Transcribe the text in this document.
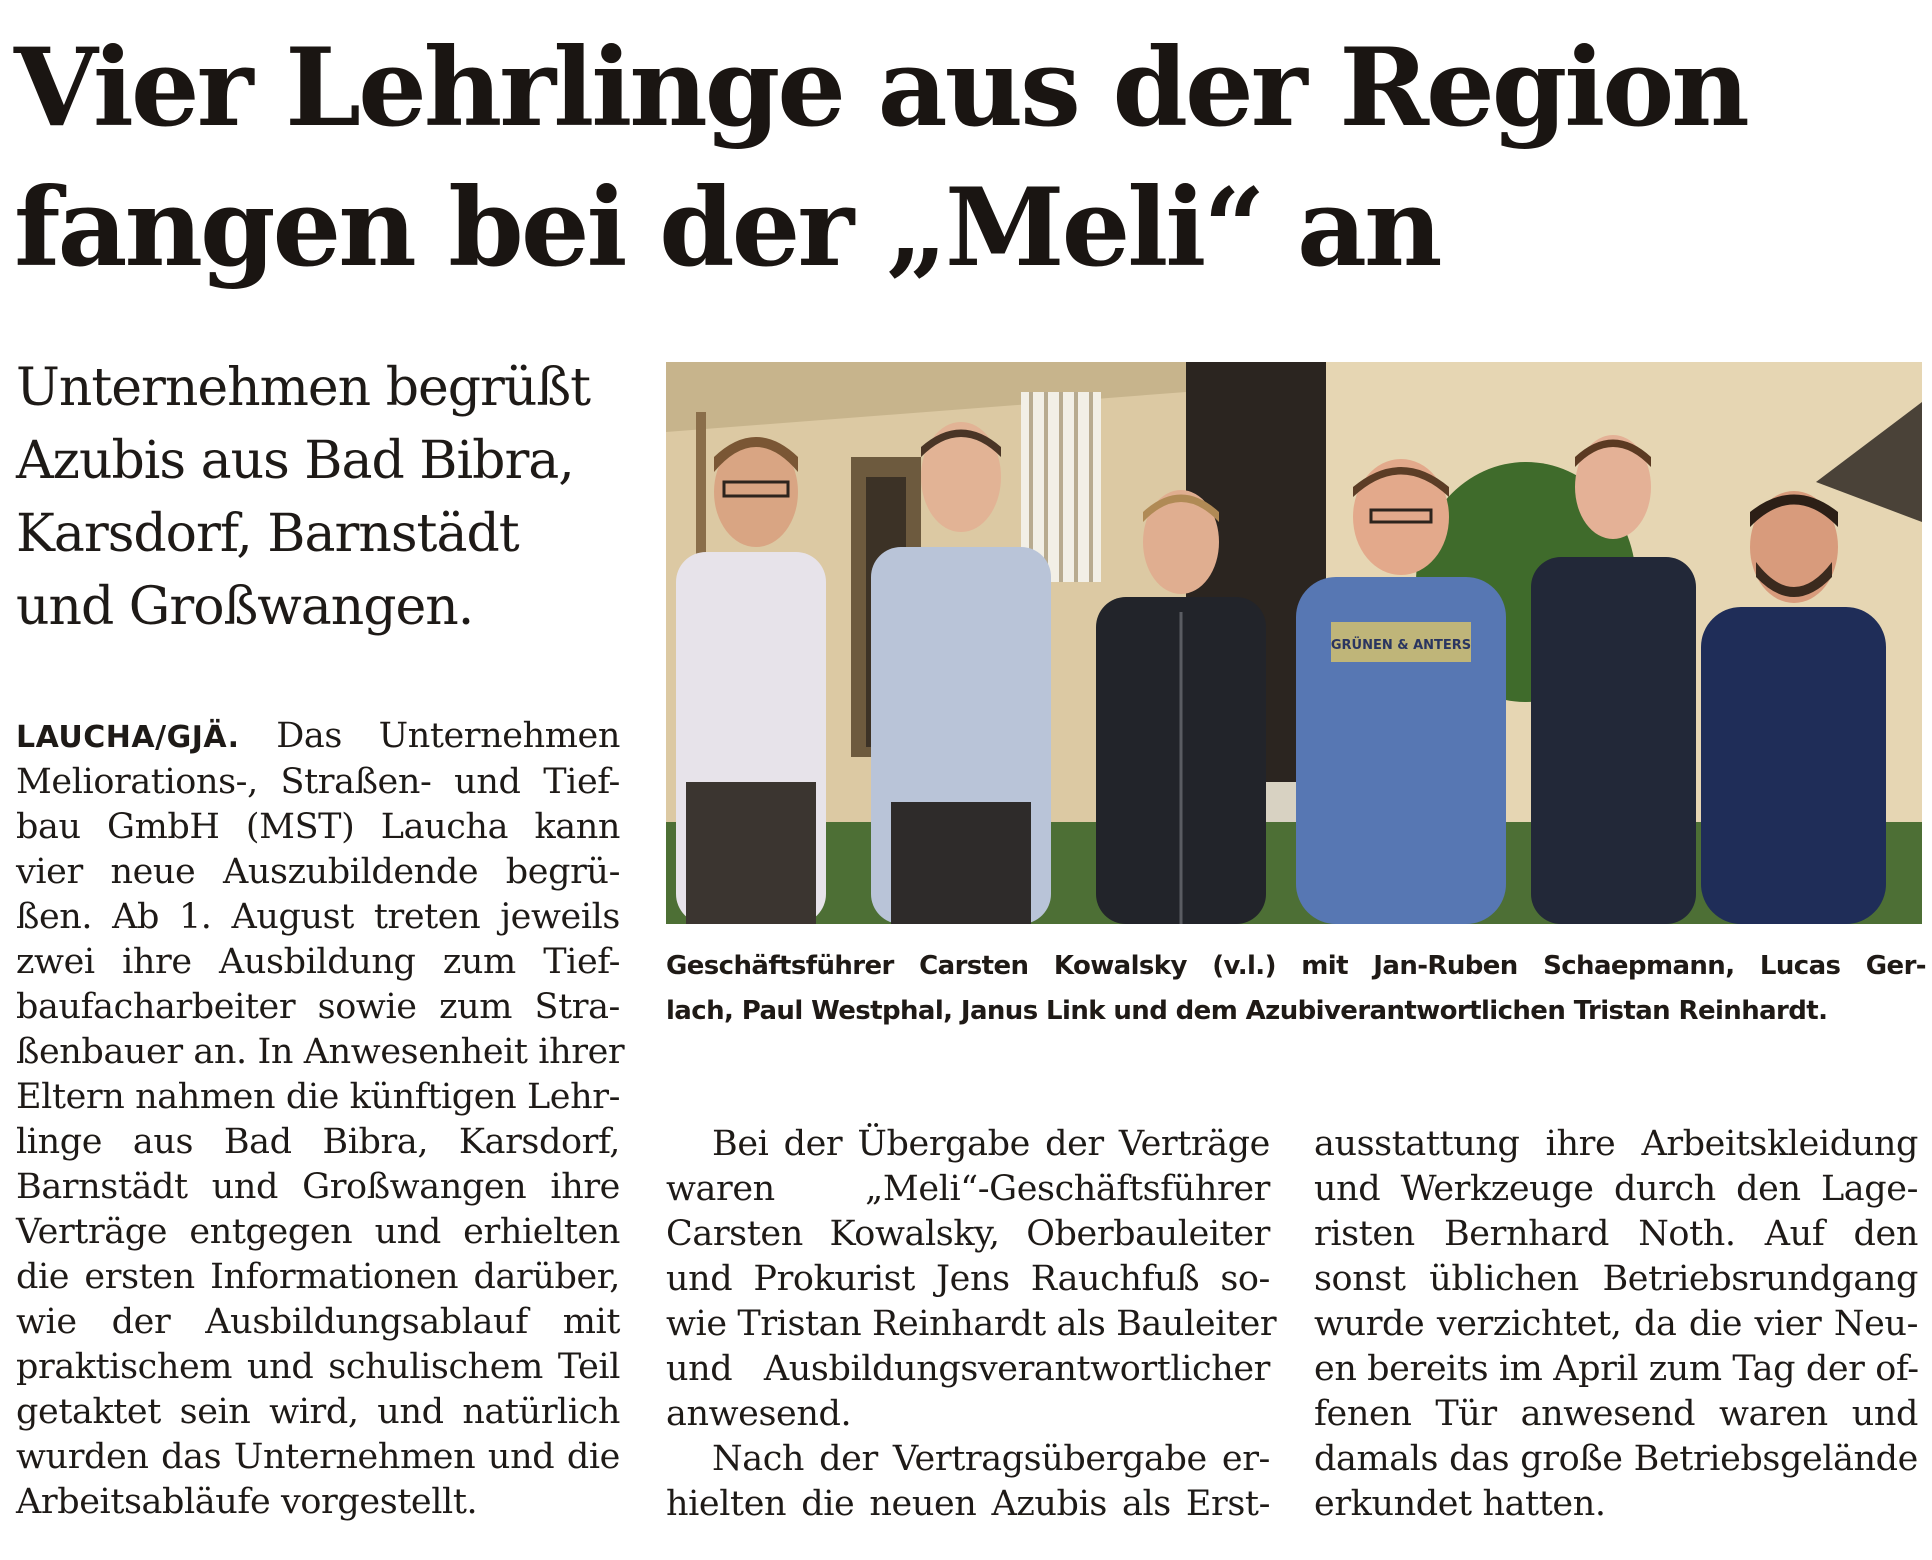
Vier Lehrlinge aus der Region
fangen bei der „Meli“ an
Unternehmen begrüßt
Azubis aus Bad Bibra,
Karsdorf, Barnstädt
und Großwangen.
LAUCHA/GJÄ. Das Unternehmen
Meliorations-, Straßen- und Tief-
bau GmbH (MST) Laucha kann
vier neue Auszubildende begrü-
ßen. Ab 1. August treten jeweils
zwei ihre Ausbildung zum Tief-
baufacharbeiter sowie zum Stra-
ßenbauer an. In Anwesenheit ihrer
Eltern nahmen die künftigen Lehr-
linge aus Bad Bibra, Karsdorf,
Barnstädt und Großwangen ihre
Verträge entgegen und erhielten
die ersten Informationen darüber,
wie der Ausbildungsablauf mit
praktischem und schulischem Teil
getaktet sein wird, und natürlich
wurden das Unternehmen und die
Arbeitsabläufe vorgestellt.
GRÜNEN & ANTERS

Geschäftsführer Carsten Kowalsky (v.l.) mit Jan-Ruben Schaepmann, Lucas Ger-
lach, Paul Westphal, Janus Link und dem Azubiverantwortlichen Tristan Reinhardt.

Bei der Übergabe der Verträge
waren „Meli“-Geschäftsführer
Carsten Kowalsky, Oberbauleiter
und Prokurist Jens Rauchfuß so-
wie Tristan Reinhardt als Bauleiter
und Ausbildungsverantwortlicher
anwesend.
Nach der Vertragsübergabe er-
hielten die neuen Azubis als Erst-
ausstattung ihre Arbeitskleidung
und Werkzeuge durch den Lage-
risten Bernhard Noth. Auf den
sonst üblichen Betriebsrundgang
wurde verzichtet, da die vier Neu-
en bereits im April zum Tag der of-
fenen Tür anwesend waren und
damals das große Betriebsgelände
erkundet hatten.
